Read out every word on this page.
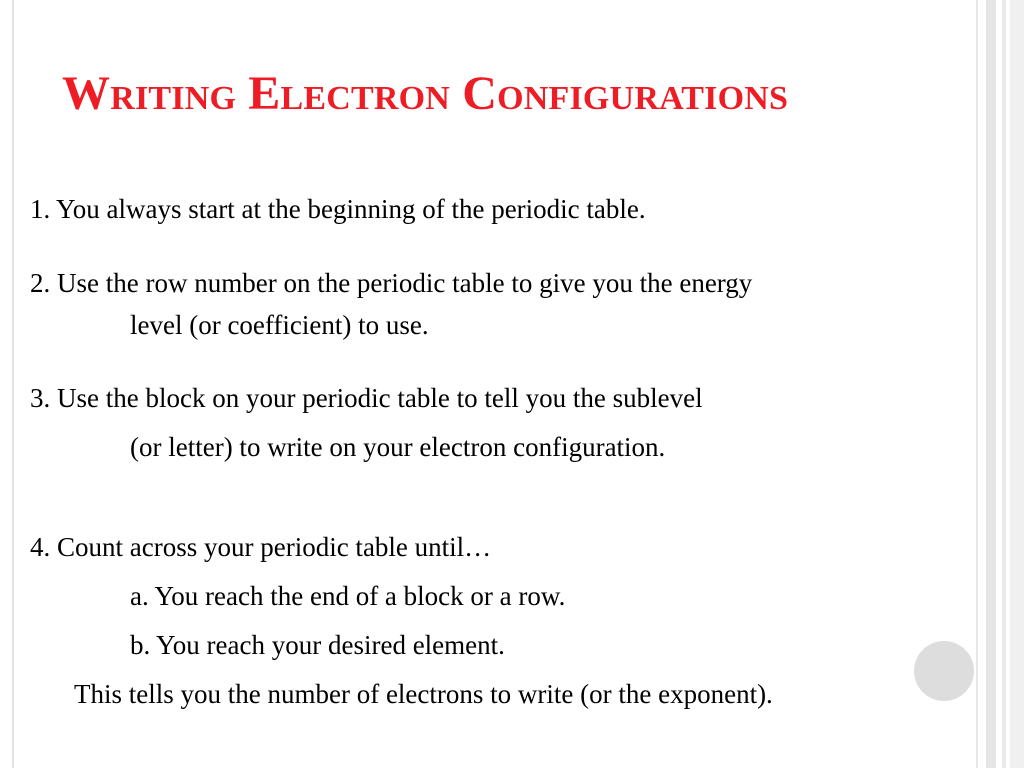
Writing Electron Configurations
1. You always start at the beginning of the periodic table.
2. Use the row number on the periodic table to give you the energy
level (or coefficient) to use.
3. Use the block on your periodic table to tell you the sublevel
(or letter) to write on your electron configuration.
4. Count across your periodic table until…
a. You reach the end of a block or a row.
b. You reach your desired element.
This tells you the number of electrons to write (or the exponent).
